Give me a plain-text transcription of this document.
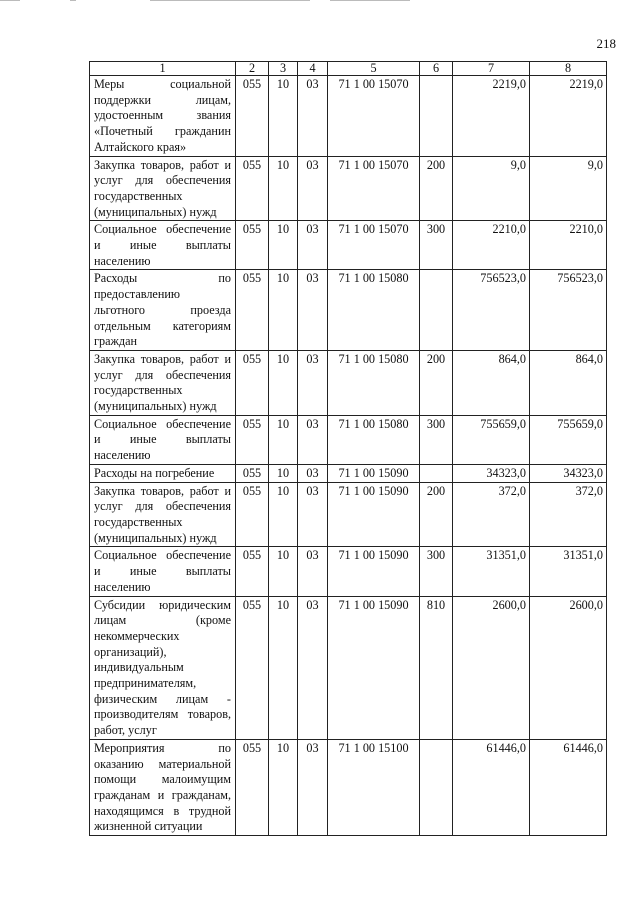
218
1	2	3	4	5	6	7	8
Меры социальной поддержки лицам, удостоенным звания «Почетный гражданин Алтайского края»	055	10	03	71 1 00 15070		2219,0	2219,0
Закупка товаров, работ и услуг для обеспечения государственных (муниципальных) нужд	055	10	03	71 1 00 15070	200	9,0	9,0
Социальное обеспечение и иные выплаты населению	055	10	03	71 1 00 15070	300	2210,0	2210,0
Расходы по предоставлению льготного проезда отдельным категориям граждан	055	10	03	71 1 00 15080		756523,0	756523,0
Закупка товаров, работ и услуг для обеспечения государственных (муниципальных) нужд	055	10	03	71 1 00 15080	200	864,0	864,0
Социальное обеспечение и иные выплаты населению	055	10	03	71 1 00 15080	300	755659,0	755659,0
Расходы на погребение	055	10	03	71 1 00 15090		34323,0	34323,0
Закупка товаров, работ и услуг для обеспечения государственных (муниципальных) нужд	055	10	03	71 1 00 15090	200	372,0	372,0
Социальное обеспечение и иные выплаты населению	055	10	03	71 1 00 15090	300	31351,0	31351,0
Субсидии юридическим лицам (кроме некоммерческих организаций), индивидуальным предпринимателям, физическим лицам - производителям товаров, работ, услуг	055	10	03	71 1 00 15090	810	2600,0	2600,0
Мероприятия по оказанию материальной помощи малоимущим гражданам и гражданам, находящимся в трудной жизненной ситуации	055	10	03	71 1 00 15100		61446,0	61446,0
